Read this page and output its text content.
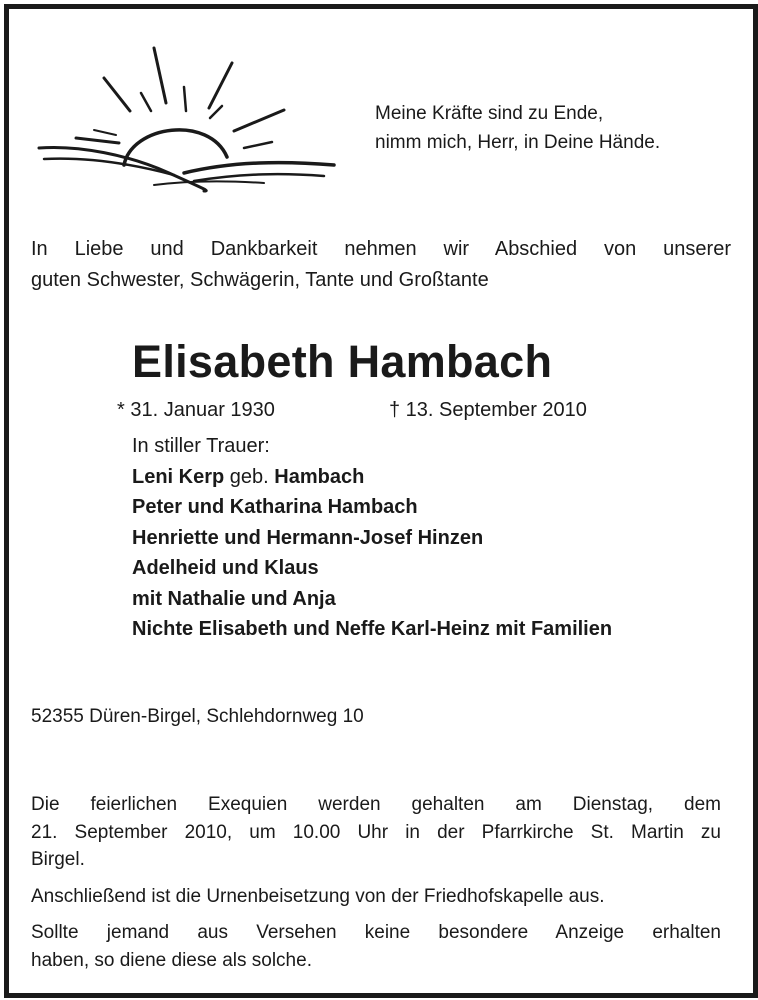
Meine Kräfte sind zu Ende,
nimm mich, Herr, in Deine Hände.
In Liebe und Dankbarkeit nehmen wir Abschied von unserer
guten Schwester, Schwägerin, Tante und Großtante
Elisabeth Hambach
* 31. Januar 1930	† 13. September 2010
In stiller Trauer:
Leni Kerp geb. Hambach
Peter und Katharina Hambach
Henriette und Hermann-Josef Hinzen
Adelheid und Klaus
mit Nathalie und Anja
Nichte Elisabeth und Neffe Karl-Heinz mit Familien
52355 Düren-Birgel, Schlehdornweg 10
Die feierlichen Exequien werden gehalten am Dienstag, dem
21. September 2010, um 10.00 Uhr in der Pfarrkirche St. Martin zu
Birgel.
Anschließend ist die Urnenbeisetzung von der Friedhofskapelle aus.
Sollte jemand aus Versehen keine besondere Anzeige erhalten
haben, so diene diese als solche.
